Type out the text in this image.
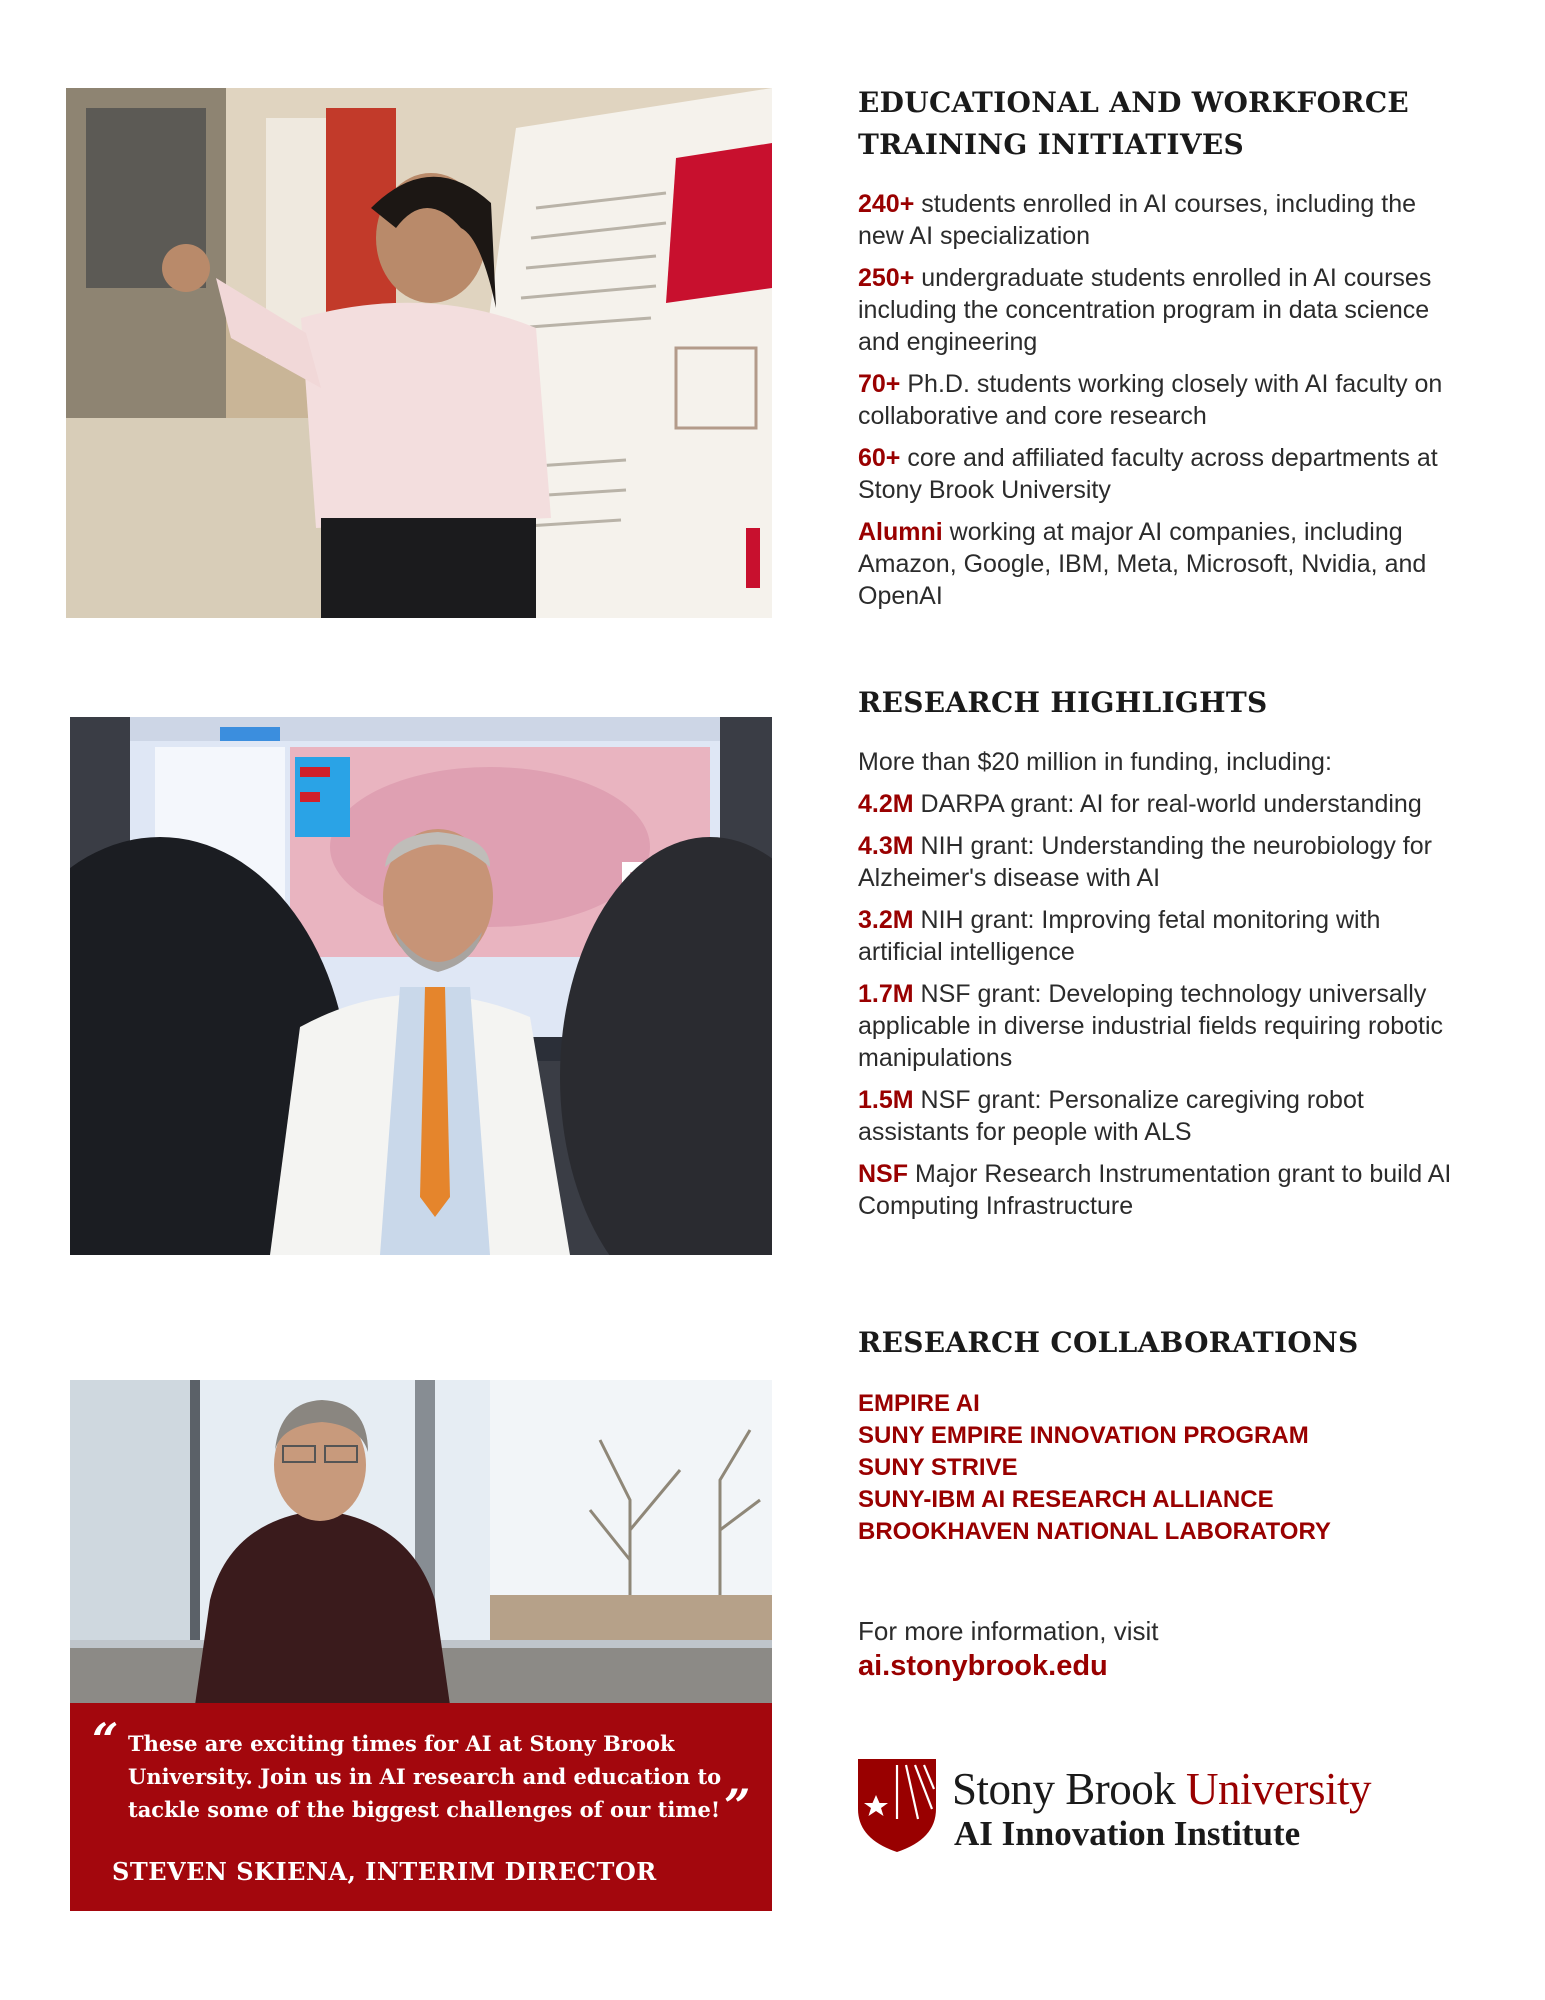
“ These are exciting times for AI at Stony Brook University. Join us in AI research and education to tackle some of the biggest challenges of our time! ”
STEVEN SKIENA, INTERIM DIRECTOR
EDUCATIONAL AND WORKFORCE
TRAINING INITIATIVES

240+ students enrolled in AI courses, including the new AI specialization

250+ undergraduate students enrolled in AI courses including the concentration program in data science and engineering

70+ Ph.D. students working closely with AI faculty on collaborative and core research

60+ core and affiliated faculty across departments at Stony Brook University

Alumni working at major AI companies, including Amazon, Google, IBM, Meta, Microsoft, Nvidia, and OpenAI

RESEARCH HIGHLIGHTS

More than $20 million in funding, including:

4.2M DARPA grant: AI for real-world understanding

4.3M NIH grant: Understanding the neurobiology for Alzheimer's disease with AI

3.2M NIH grant: Improving fetal monitoring with artificial intelligence

1.7M NSF grant: Developing technology universally applicable in diverse industrial fields requiring robotic manipulations

1.5M NSF grant: Personalize caregiving robot assistants for people with ALS

NSF Major Research Instrumentation grant to build AI Computing Infrastructure

RESEARCH COLLABORATIONS
EMPIRE AI
SUNY EMPIRE INNOVATION PROGRAM
SUNY STRIVE
SUNY-IBM AI RESEARCH ALLIANCE
BROOKHAVEN NATIONAL LABORATORY
For more information, visit
ai.stonybrook.edu
Stony Brook University
AI Innovation Institute
